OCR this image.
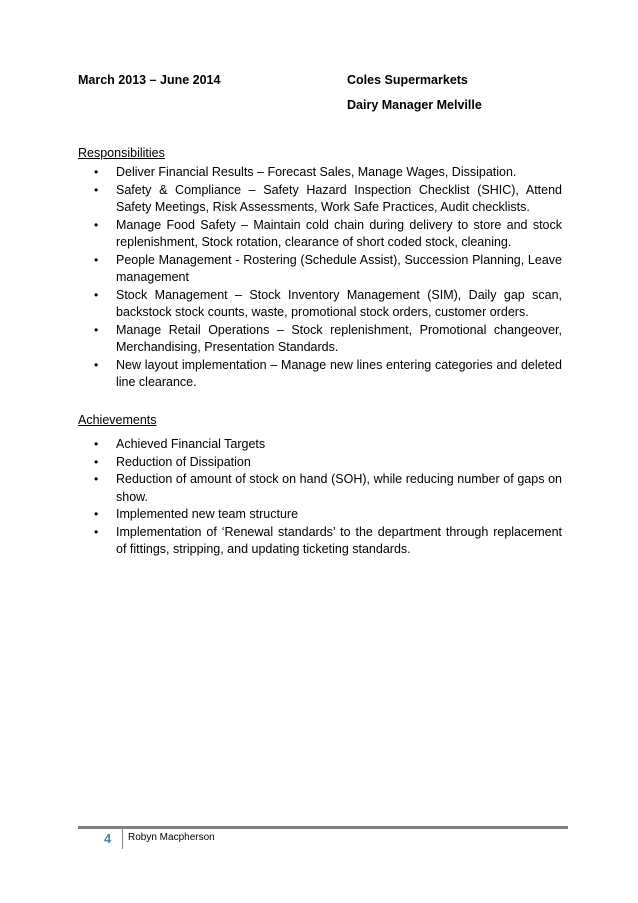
March 2013 – June 2014	Coles Supermarkets
Dairy Manager Melville
Responsibilities
• Deliver Financial Results – Forecast Sales, Manage Wages, Dissipation.
• Safety & Compliance – Safety Hazard Inspection Checklist (SHIC), Attend Safety Meetings, Risk Assessments, Work Safe Practices, Audit checklists.
• Manage Food Safety – Maintain cold chain during delivery to store and stock replenishment, Stock rotation, clearance of short coded stock, cleaning.
• People Management - Rostering (Schedule Assist), Succession Planning, Leave management
• Stock Management – Stock Inventory Management (SIM), Daily gap scan, backstock stock counts, waste, promotional stock orders, customer orders.
• Manage Retail Operations – Stock replenishment, Promotional changeover, Merchandising, Presentation Standards.
• New layout implementation – Manage new lines entering categories and deleted line clearance.
Achievements
• Achieved Financial Targets
• Reduction of Dissipation
• Reduction of amount of stock on hand (SOH), while reducing number of gaps on show.
• Implemented new team structure
• Implementation of ‘Renewal standards’ to the department through replacement of fittings, stripping, and updating ticketing standards.
4 Robyn Macpherson
